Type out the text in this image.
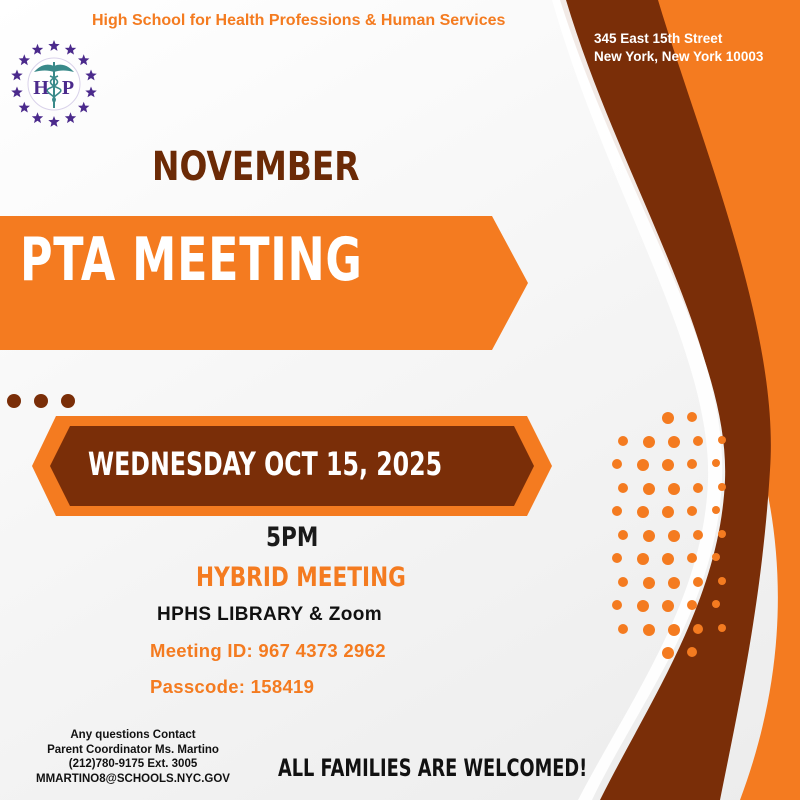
H P

High School for Health Professions & Human Services

345 East 15th Street
New York, New York 10003

NOVEMBER

PTA MEETING

WEDNESDAY OCT 15, 2025

5PM

HYBRID MEETING

HPHS LIBRARY & Zoom

Meeting ID: 967 4373 2962

Passcode: 158419

Any questions Contact
Parent Coordinator Ms. Martino
(212)780-9175 Ext. 3005
MMARTINO8@SCHOOLS.NYC.GOV	ALL FAMILIES ARE WELCOMED!
